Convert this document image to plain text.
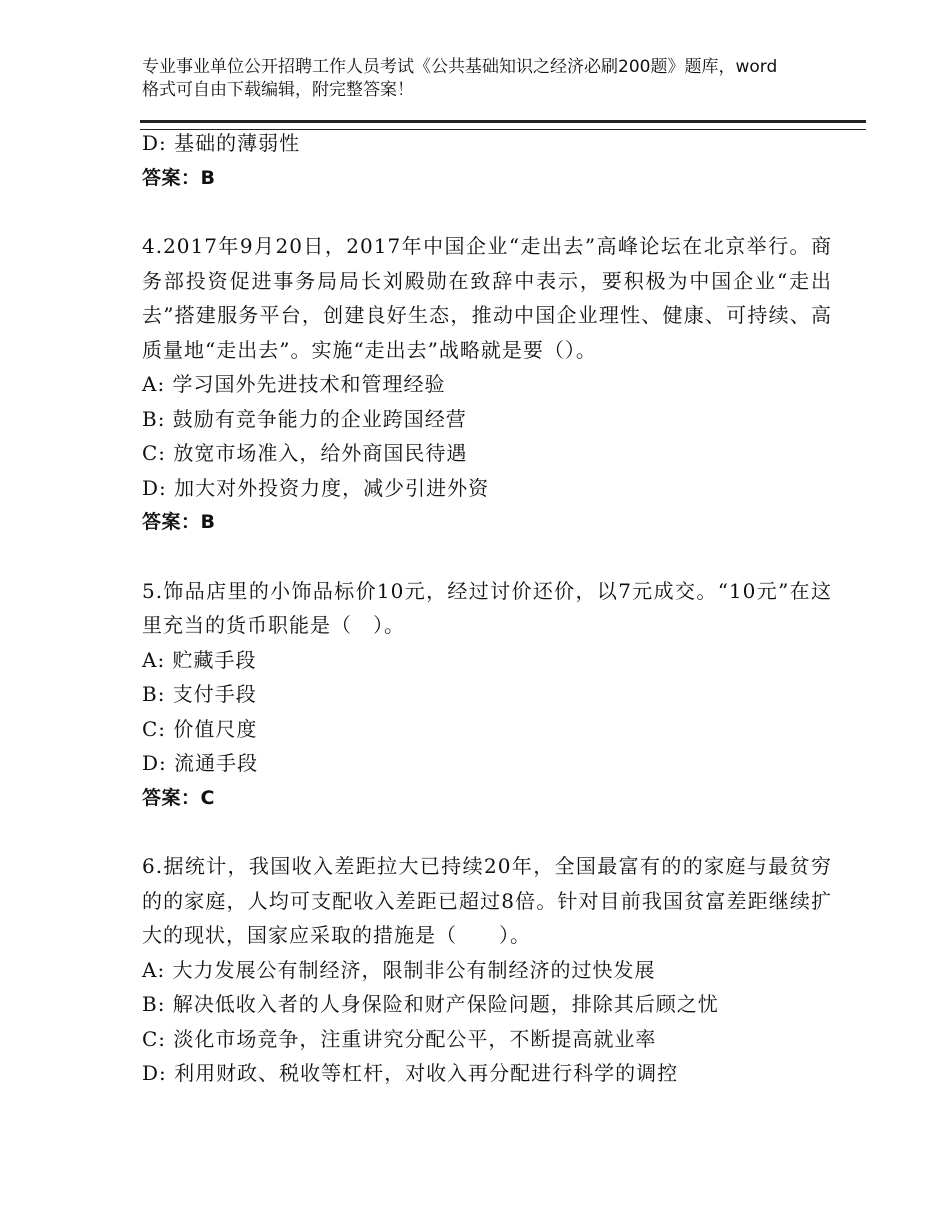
专业事业单位公开招聘工作人员考试《公共基础知识之经济必刷200题》题库，word格式可自由下载编辑，附完整答案！
D: 基础的薄弱性
答案：B
4.2017年9月20日，2017年中国企业“走出去”高峰论坛在北京举行。商务部投资促进事务局局长刘殿勋在致辞中表示，要积极为中国企业“走出去”搭建服务平台，创建良好生态，推动中国企业理性、健康、可持续、高质量地“走出去”。实施“走出去”战略就是要（）。
A: 学习国外先进技术和管理经验
B: 鼓励有竞争能力的企业跨国经营
C: 放宽市场准入，给外商国民待遇
D: 加大对外投资力度，减少引进外资
答案：B
5.饰品店里的小饰品标价10元，经过讨价还价，以7元成交。“10元”在这里充当的货币职能是（　）。
A: 贮藏手段
B: 支付手段
C: 价值尺度
D: 流通手段
答案：C
6.据统计，我国收入差距拉大已持续20年，全国最富有的的家庭与最贫穷的的家庭，人均可支配收入差距已超过8倍。针对目前我国贫富差距继续扩大的现状，国家应采取的措施是（　　）。
A: 大力发展公有制经济，限制非公有制经济的过快发展
B: 解决低收入者的人身保险和财产保险问题，排除其后顾之忧
C: 淡化市场竞争，注重讲究分配公平，不断提高就业率
D: 利用财政、税收等杠杆，对收入再分配进行科学的调控
